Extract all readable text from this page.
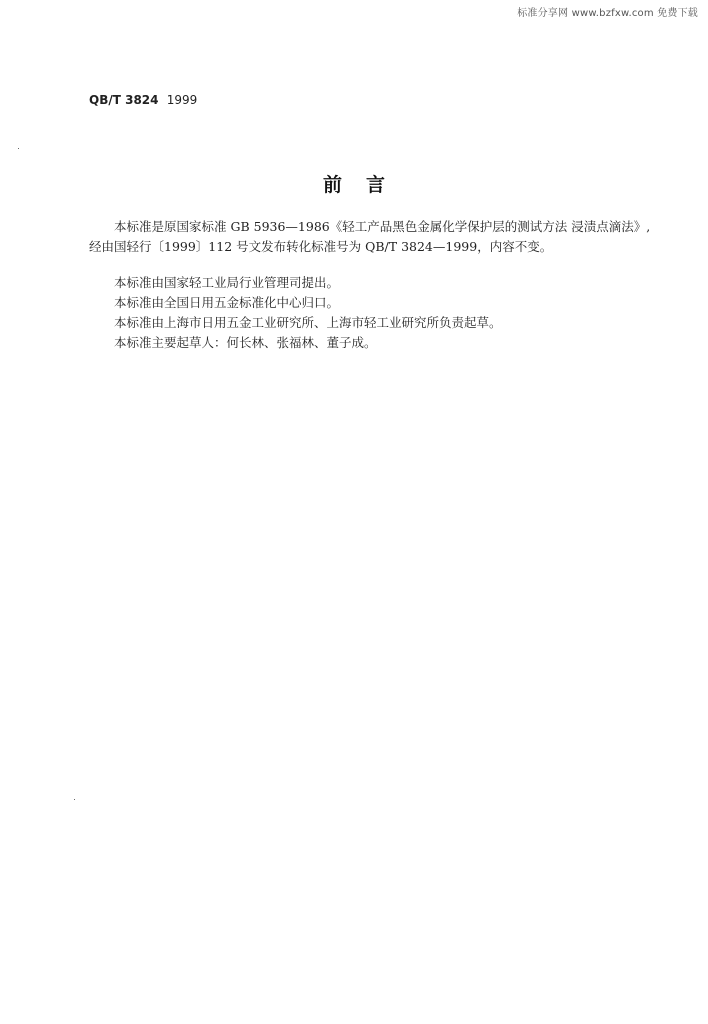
标准分享网 www.bzfxw.com 免费下载
QB/T 3824 1999
前言

本标准是原国家标准 GB 5936—1986《轻工产品黑色金属化学保护层的测试方法 浸渍点滴法》,

经由国轻行〔1999〕112 号文发布转化标准号为 QB/T 3824—1999，内容不变。

本标准由国家轻工业局行业管理司提出。

本标准由全国日用五金标准化中心归口。

本标准由上海市日用五金工业研究所、上海市轻工业研究所负责起草。

本标准主要起草人：何长林、张福林、董子成。
